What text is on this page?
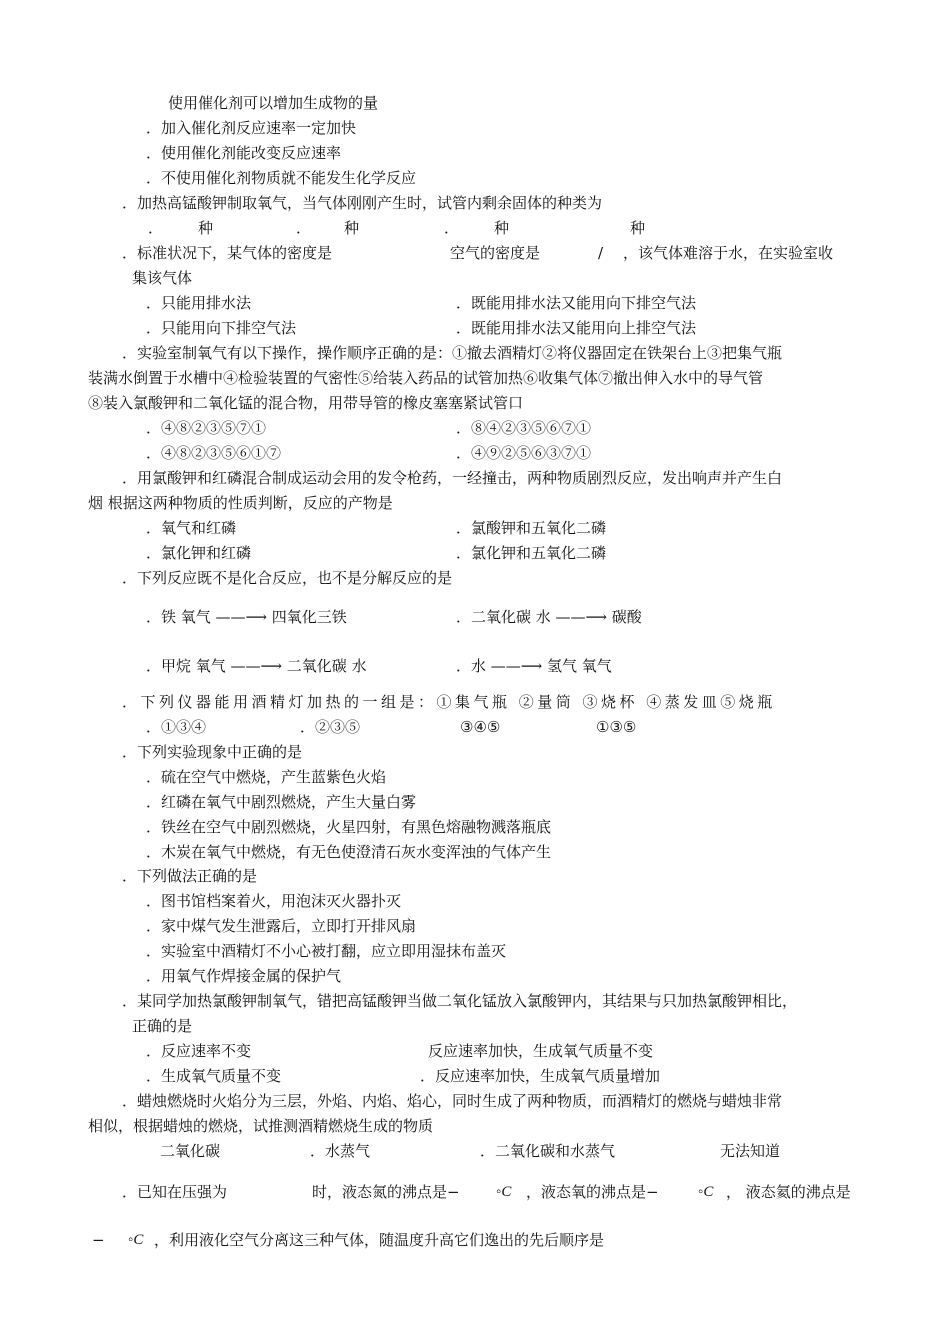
使用催化剂可以增加生成物的量
．加入催化剂反应速率一定加快
．使用催化剂能改变反应速率
．不使用催化剂物质就不能发生化学反应
．加热高锰酸钾制取氧气，当气体刚刚产生时，试管内剩余固体的种类为
． 种	． 种	． 种	种
．标准状况下，某气体的密度是	空气的密度是	/ ，该气体难溶于水，在实验室收
集该气体
．只能用排水法	．既能用排水法又能用向下排空气法
．只能用向下排空气法	．既能用排水法又能用向上排空气法
．实验室制氧气有以下操作，操作顺序正确的是：①撤去酒精灯②将仪器固定在铁架台上③把集气瓶
装满水倒置于水槽中④检验装置的气密性⑤给装入药品的试管加热⑥收集气体⑦撤出伸入水中的导气管
⑧装入氯酸钾和二氧化锰的混合物，用带导管的橡皮塞塞紧试管口
．④⑧②③⑤⑦①	．⑧④②③⑤⑥⑦①
．④⑧②③⑤⑥①⑦	．④⑨②⑤⑥③⑦①
．用氯酸钾和红磷混合制成运动会用的发令枪药，一经撞击，两种物质剧烈反应，发出响声并产生白
烟 根据这两种物质的性质判断，反应的产物是
．氧气和红磷	．氯酸钾和五氧化二磷
．氯化钾和红磷	．氯化钾和五氧化二磷
．下列反应既不是化合反应，也不是分解反应的是
．铁 氧气 ——⟶ 四氧化三铁	．二氧化碳 水 ——⟶ 碳酸
．甲烷 氧气 ——⟶ 二氧化碳 水	．水 ——⟶ 氢气 氧气
．下列仪器能用酒精灯加热的一组是：①集气瓶 ②量筒 ③烧杯 ④蒸发皿⑤烧瓶
．①③④	．②③⑤	③④⑤	①③⑤
．下列实验现象中正确的是
．硫在空气中燃烧，产生蓝紫色火焰
．红磷在氧气中剧烈燃烧，产生大量白雾
．铁丝在空气中剧烈燃烧，火星四射，有黑色熔融物溅落瓶底
．木炭在氧气中燃烧，有无色使澄清石灰水变浑浊的气体产生
．下列做法正确的是
．图书馆档案着火，用泡沫灭火器扑灭
．家中煤气发生泄露后，立即打开排风扇
．实验室中酒精灯不小心被打翻，应立即用湿抹布盖灭
．用氧气作焊接金属的保护气
．某同学加热氯酸钾制氧气，错把高锰酸钾当做二氧化锰放入氯酸钾内，其结果与只加热氯酸钾相比，
正确的是
．反应速率不变	反应速率加快，生成氧气质量不变
．生成氧气质量不变	．反应速率加快，生成氧气质量增加
．蜡烛燃烧时火焰分为三层，外焰、内焰、焰心，同时生成了两种物质，而酒精灯的燃烧与蜡烛非常
相似，根据蜡烛的燃烧，试推测酒精燃烧生成的物质
二氧化碳	．水蒸气	．二氧化碳和水蒸气	无法知道
．已知在压强为	时，液态氮的沸点是− ◦C ，液态氧的沸点是−	◦C ， 液态氦的沸点是
− ◦C ，利用液化空气分离这三种气体，随温度升高它们逸出的先后顺序是
